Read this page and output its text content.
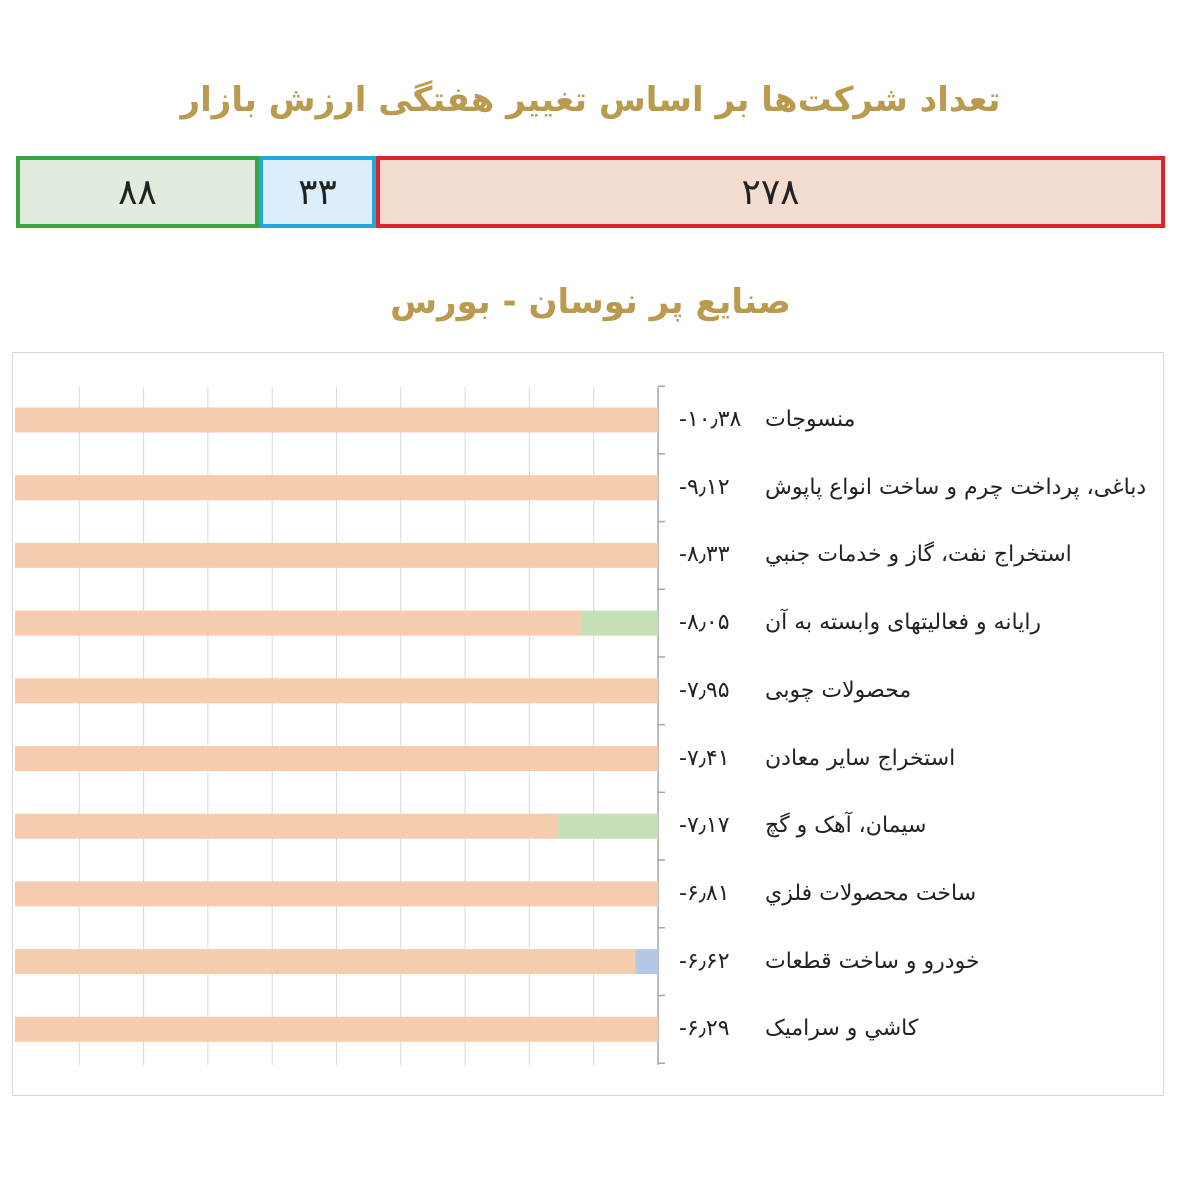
تعداد شرکت‌ها بر اساس تغییر هفتگی ارزش بازار
۲۷۸
۳۳
۸۸
صنایع پر نوسان - بورس
۱۰٫۳۸-	منسوجات
۹٫۱۲-	دباغی، پرداخت چرم و ساخت انواع پاپوش
۸٫۳۳-	استخراج نفت، گاز و خدمات جنبي
۸٫۰۵-	رایانه و فعالیتهای وابسته به آن
۷٫۹۵-	محصولات چوبی
۷٫۴۱-	استخراج سایر معادن
۷٫۱۷-	سیمان، آهک و گچ
۶٫۸۱-	ساخت محصولات فلزي
۶٫۶۲-	خودرو و ساخت قطعات
۶٫۲۹-	کاشي و سرامیک
